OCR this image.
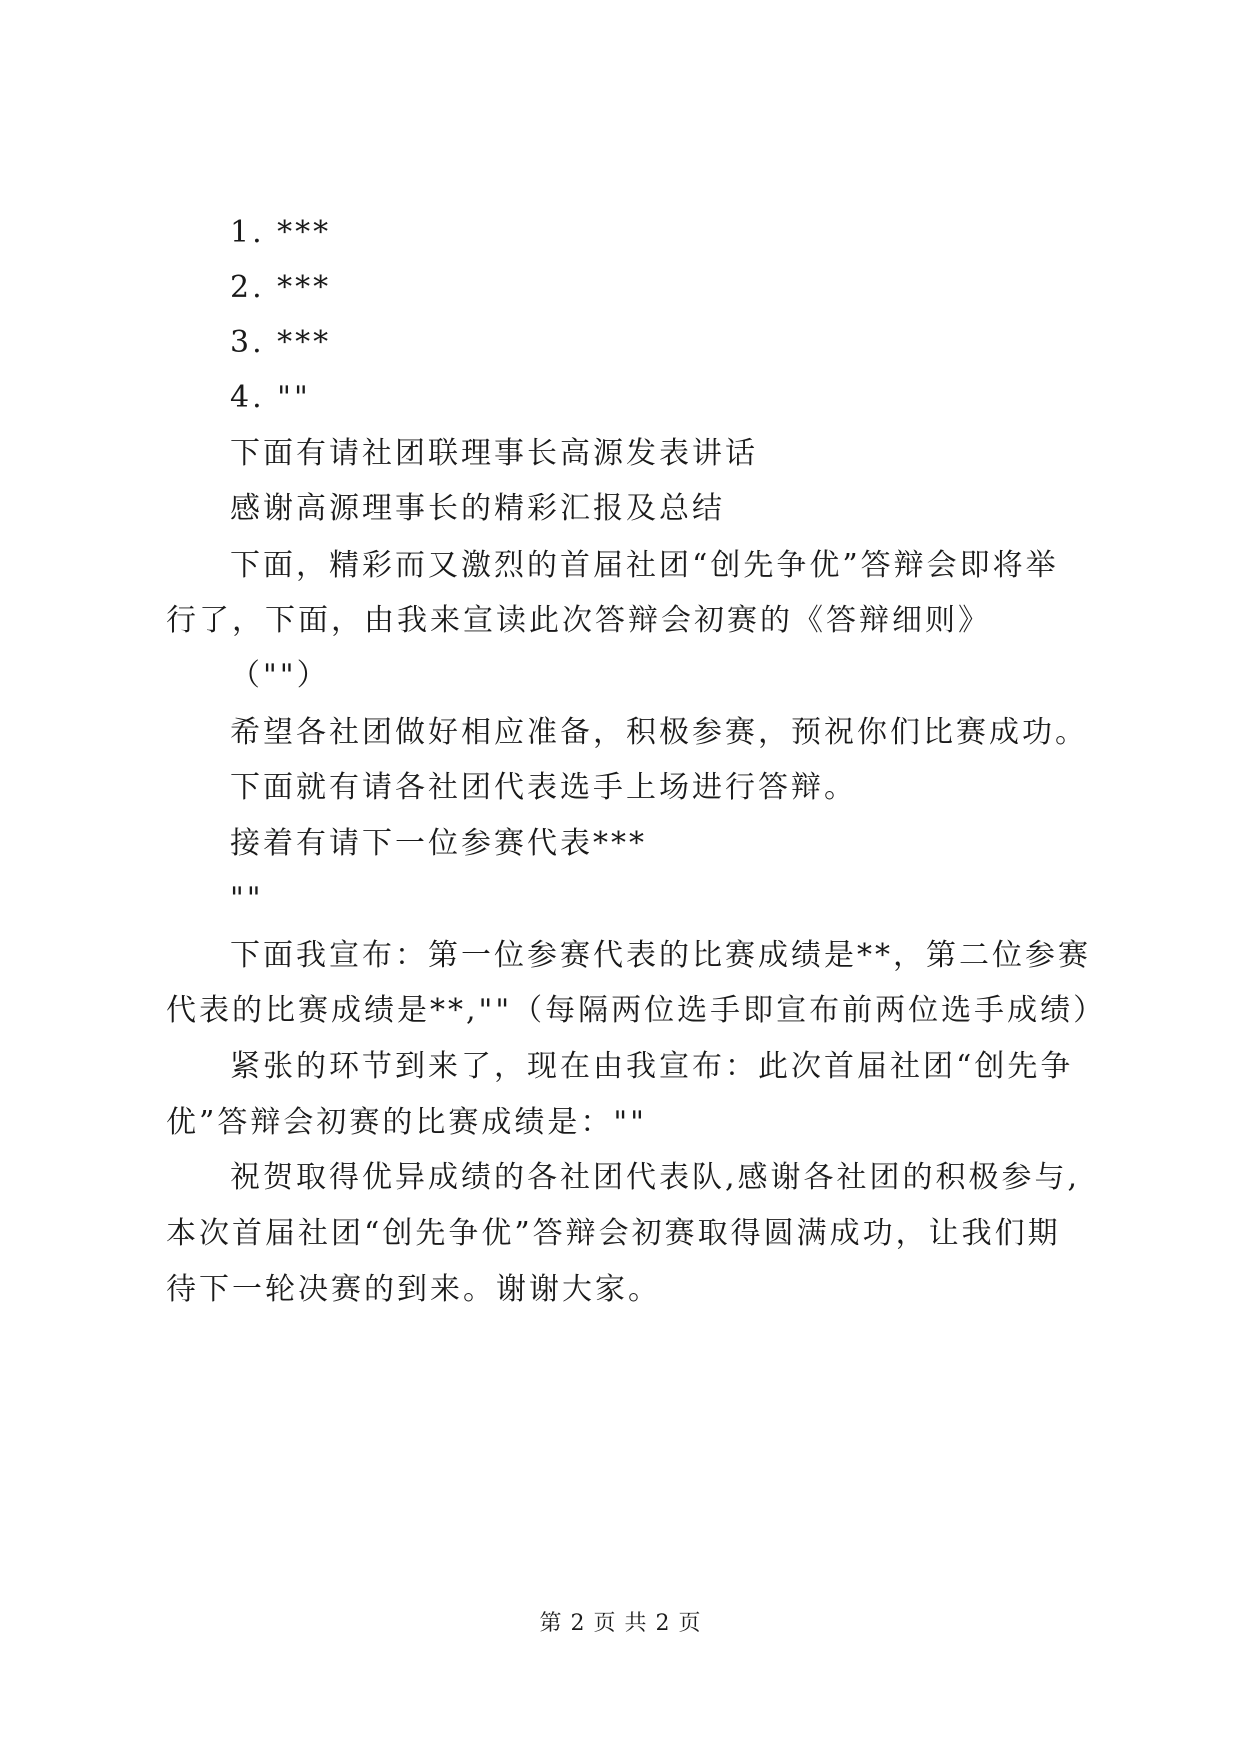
1. ***
2. ***
3. ***
4. ""
下面有请社团联理事长高源发表讲话
感谢高源理事长的精彩汇报及总结
下面，精彩而又激烈的首届社团“创先争优”答辩会即将举
行了，下面，由我来宣读此次答辩会初赛的《答辩细则》
（""）
希望各社团做好相应准备，积极参赛，预祝你们比赛成功。
下面就有请各社团代表选手上场进行答辩。
接着有请下一位参赛代表***
""
下面我宣布：第一位参赛代表的比赛成绩是**，第二位参赛
代表的比赛成绩是**,""（每隔两位选手即宣布前两位选手成绩）
紧张的环节到来了，现在由我宣布：此次首届社团“创先争
优”答辩会初赛的比赛成绩是：""
祝贺取得优异成绩的各社团代表队,感谢各社团的积极参与,
本次首届社团“创先争优”答辩会初赛取得圆满成功，让我们期
待下一轮决赛的到来。谢谢大家。
第 2 页 共 2 页
